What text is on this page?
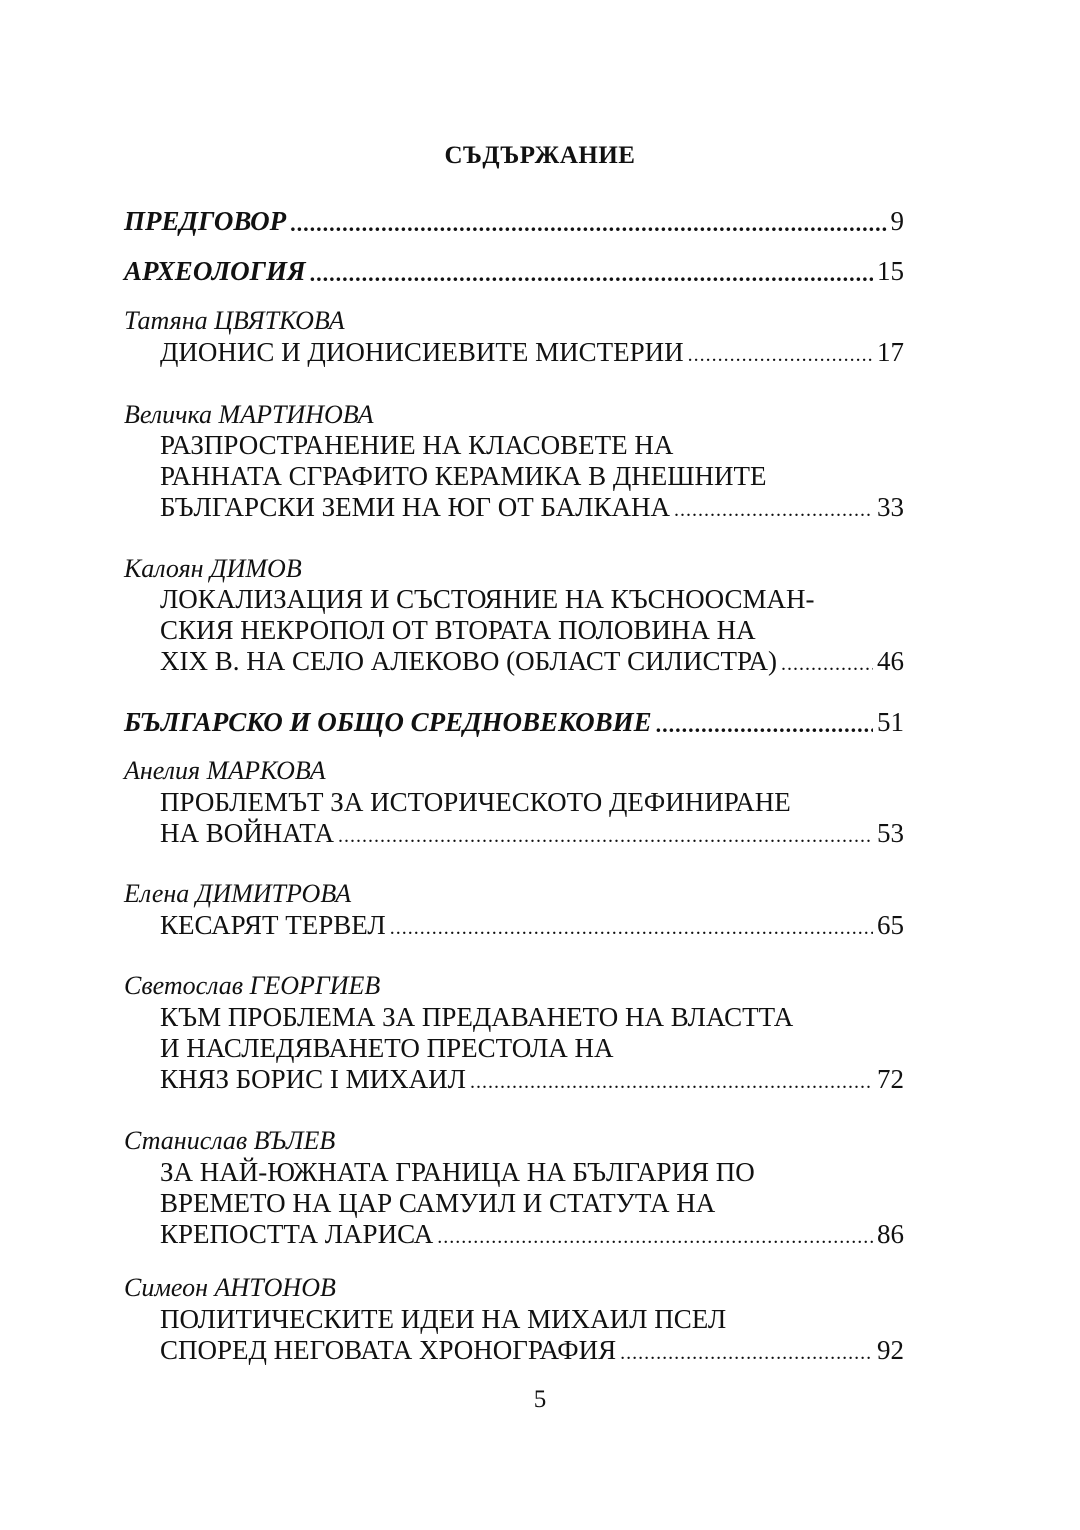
СЪДЪРЖАНИЕ
ПРЕДГОВОР .....	9
АРХЕОЛОГИЯ .....	15
Татяна ЦВЯТКОВА
ДИОНИС И ДИОНИСИЕВИТЕ МИСТЕРИИ .....	17
Величка МАРТИНОВА
РАЗПРОСТРАНЕНИЕ НА КЛАСОВЕТЕ НА
РАННАТА СГРАФИТО КЕРАМИКА В ДНЕШНИТЕ
БЪЛГАРСКИ ЗЕМИ НА ЮГ ОТ БАЛКАНА .....	33
Калоян ДИМОВ
ЛОКАЛИЗАЦИЯ И СЪСТОЯНИЕ НА КЪСНООСМАН-
СКИЯ НЕКРОПОЛ ОТ ВТОРАТА ПОЛОВИНА НА
XIX В. НА СЕЛО АЛЕКОВО (ОБЛАСТ СИЛИСТРА) .....	46
БЪЛГАРСКО И ОБЩО СРЕДНОВЕКОВИЕ .....	51
Анелия МАРКОВА
ПРОБЛЕМЪТ ЗА ИСТОРИЧЕСКОТО ДЕФИНИРАНЕ
НА ВОЙНАТА .....	53
Елена ДИМИТРОВА
КЕСАРЯТ ТЕРВЕЛ .....	65
Светослав ГЕОРГИЕВ
КЪМ ПРОБЛЕМА ЗА ПРЕДАВАНЕТО НА ВЛАСТТА
И НАСЛЕДЯВАНЕТО ПРЕСТОЛА НА
КНЯЗ БОРИС І МИХАИЛ .....	72
Станислав ВЪЛЕВ
ЗА НАЙ-ЮЖНАТА ГРАНИЦА НА БЪЛГАРИЯ ПО
ВРЕМЕТО НА ЦАР САМУИЛ И СТАТУТА НА
КРЕПОСТТА ЛАРИСА .....	86
Симеон АНТОНОВ
ПОЛИТИЧЕСКИТЕ ИДЕИ НА МИХАИЛ ПСЕЛ
СПОРЕД НЕГОВАТА ХРОНОГРАФИЯ .....	92
5
